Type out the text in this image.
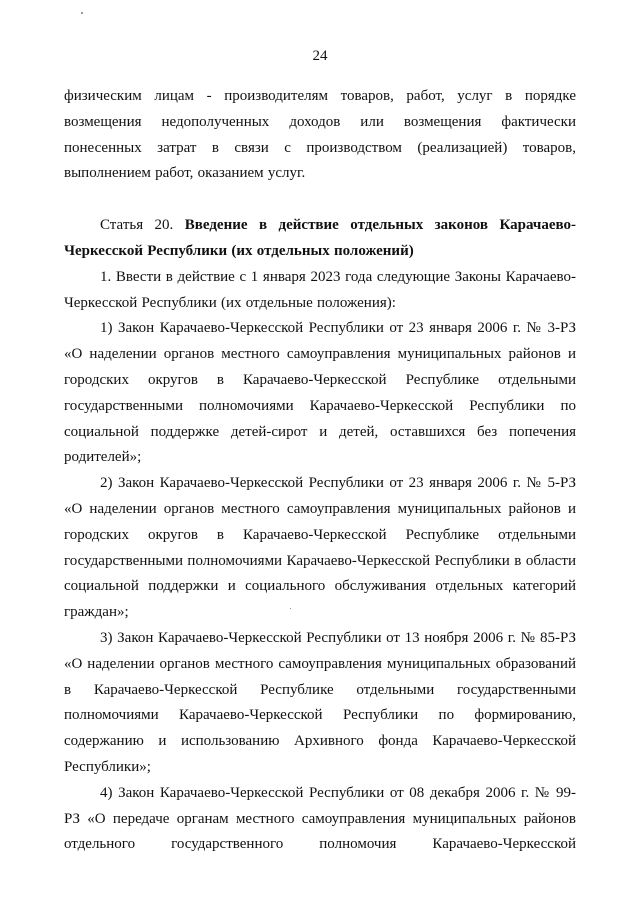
24

физическим лицам - производителям товаров, работ, услуг в порядке возмещения недополученных доходов или возмещения фактически понесенных затрат в связи с производством (реализацией) товаров, выполнением работ, оказанием услуг.

Статья 20. Введение в действие отдельных законов Карачаево-Черкесской Республики (их отдельных положений)

1. Ввести в действие с 1 января 2023 года следующие Законы Карачаево-Черкесской Республики (их отдельные положения):

1) Закон Карачаево-Черкесской Республики от 23 января 2006 г. № 3-РЗ «О наделении органов местного самоуправления муниципальных районов и городских округов в Карачаево-Черкесской Республике отдельными государственными полномочиями Карачаево-Черкесской Республики по социальной поддержке детей-сирот и детей, оставшихся без попечения родителей»;

2) Закон Карачаево-Черкесской Республики от 23 января 2006 г. № 5-РЗ «О наделении органов местного самоуправления муниципальных районов и городских округов в Карачаево-Черкесской Республике отдельными государственными полномочиями Карачаево-Черкесской Республики в области социальной поддержки и социального обслуживания отдельных категорий граждан»;

3) Закон Карачаево-Черкесской Республики от 13 ноября 2006 г. № 85-РЗ «О наделении органов местного самоуправления муниципальных образований в Карачаево-Черкесской Республике отдельными государственными полномочиями Карачаево-Черкесской Республики по формированию, содержанию и использованию Архивного фонда Карачаево-Черкесской Республики»;

4) Закон Карачаево-Черкесской Республики от 08 декабря 2006 г. № 99-РЗ «О передаче органам местного самоуправления муниципальных районов отдельного государственного полномочия Карачаево-Черкесской
